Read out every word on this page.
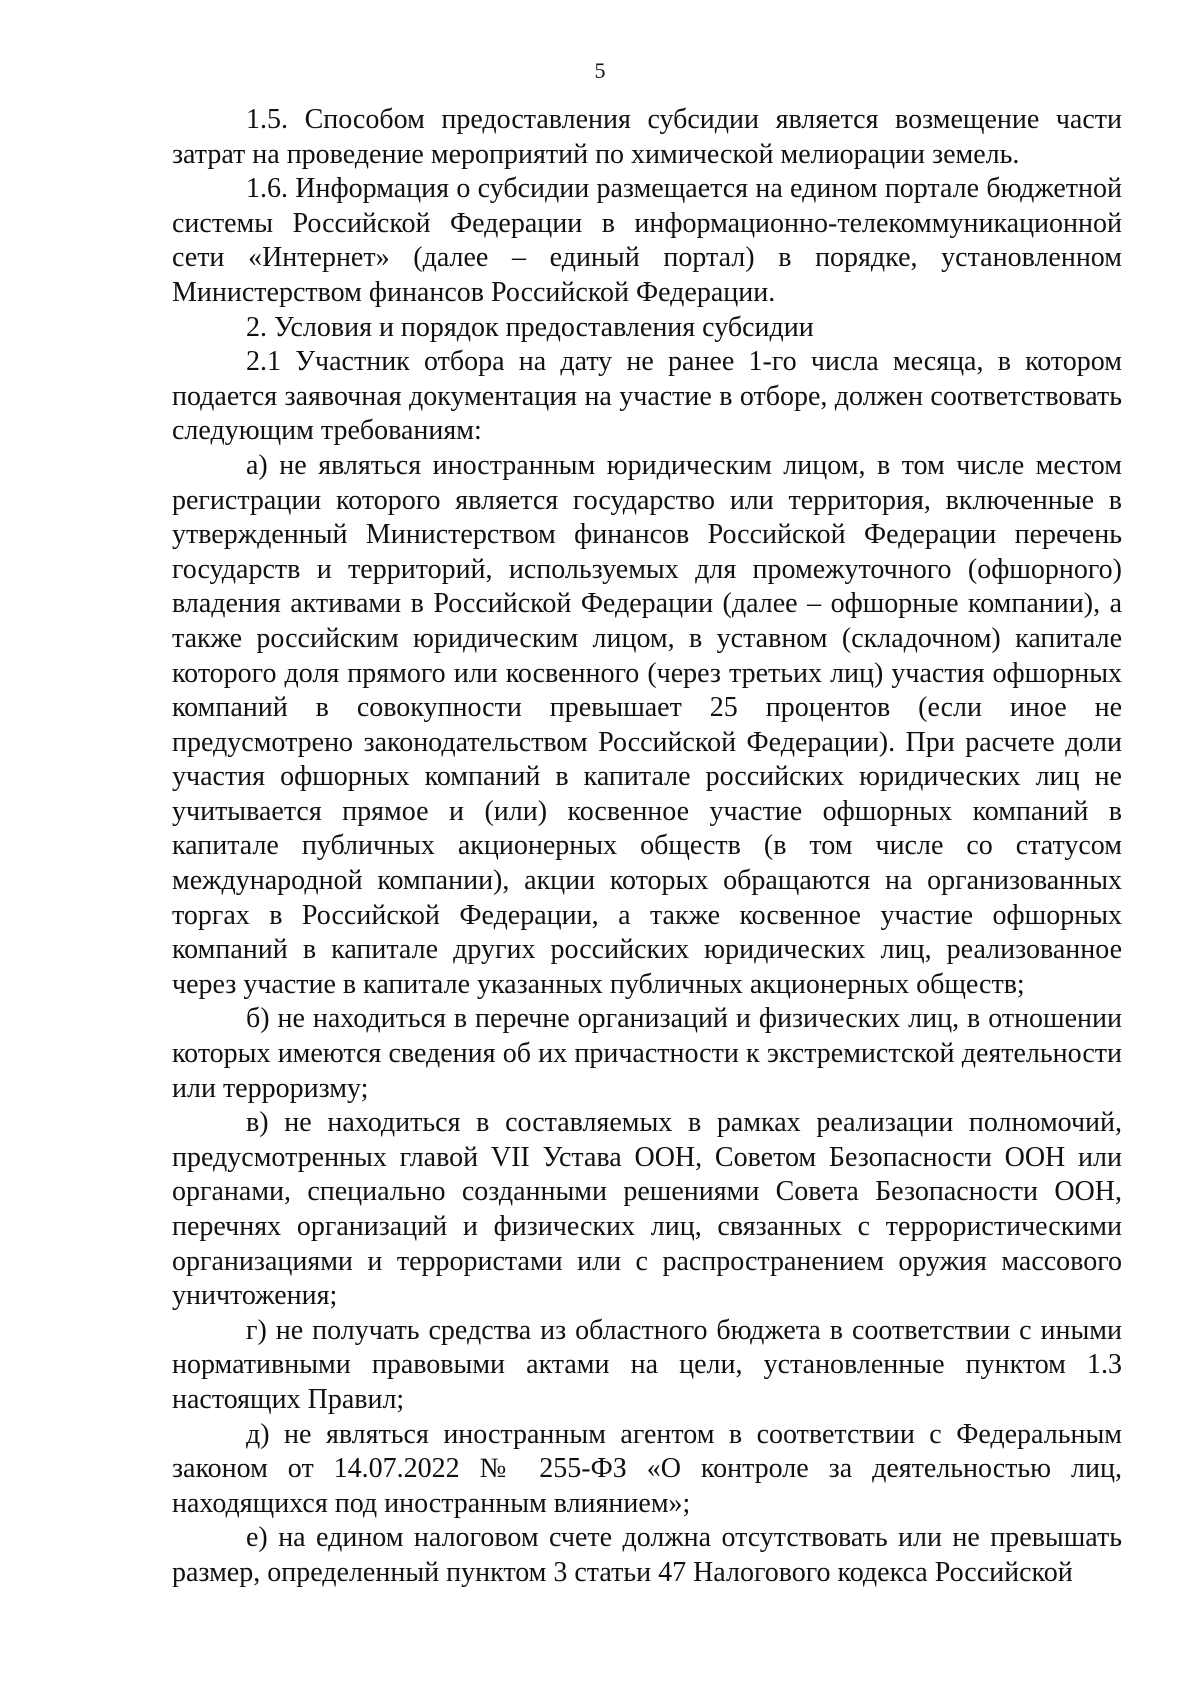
5

1.5. Способом предоставления субсидии является возмещение части затрат на проведение мероприятий по химической мелиорации земель.

1.6. Информация о субсидии размещается на едином портале бюджетной системы Российской Федерации в информационно-телекоммуникационной сети «Интернет» (далее – единый портал) в порядке, установленном Министерством финансов Российской Федерации.

2. Условия и порядок предоставления субсидии

2.1 Участник отбора на дату не ранее 1-го числа месяца, в котором подается заявочная документация на участие в отборе, должен соответствовать следующим требованиям:

а) не являться иностранным юридическим лицом, в том числе местом регистрации которого является государство или территория, включенные в утвержденный Министерством финансов Российской Федерации перечень государств и территорий, используемых для промежуточного (офшорного) владения активами в Российской Федерации (далее – офшорные компании), а также российским юридическим лицом, в уставном (складочном) капитале которого доля прямого или косвенного (через третьих лиц) участия офшорных компаний в совокупности превышает 25 процентов (если иное не предусмотрено законодательством Российской Федерации). При расчете доли участия офшорных компаний в капитале российских юридических лиц не учитывается прямое и (или) косвенное участие офшорных компаний в капитале публичных акционерных обществ (в том числе со статусом международной компании), акции которых обращаются на организованных торгах в Российской Федерации, а также косвенное участие офшорных компаний в капитале других российских юридических лиц, реализованное через участие в капитале указанных публичных акционерных обществ;

б) не находиться в перечне организаций и физических лиц, в отношении которых имеются сведения об их причастности к экстремистской деятельности или терроризму;

в) не находиться в составляемых в рамках реализации полномочий, предусмотренных главой VII Устава ООН, Советом Безопасности ООН или органами, специально созданными решениями Совета Безопасности ООН, перечнях организаций и физических лиц, связанных с террористическими организациями и террористами или с распространением оружия массового уничтожения;

г) не получать средства из областного бюджета в соответствии с иными нормативными правовыми актами на цели, установленные пунктом 1.3 настоящих Правил;

д) не являться иностранным агентом в соответствии с Федеральным законом от 14.07.2022 № 255-ФЗ «О контроле за деятельностью лиц, находящихся под иностранным влиянием»;

е) на едином налоговом счете должна отсутствовать или не превышать размер, определенный пунктом 3 статьи 47 Налогового кодекса Российской
